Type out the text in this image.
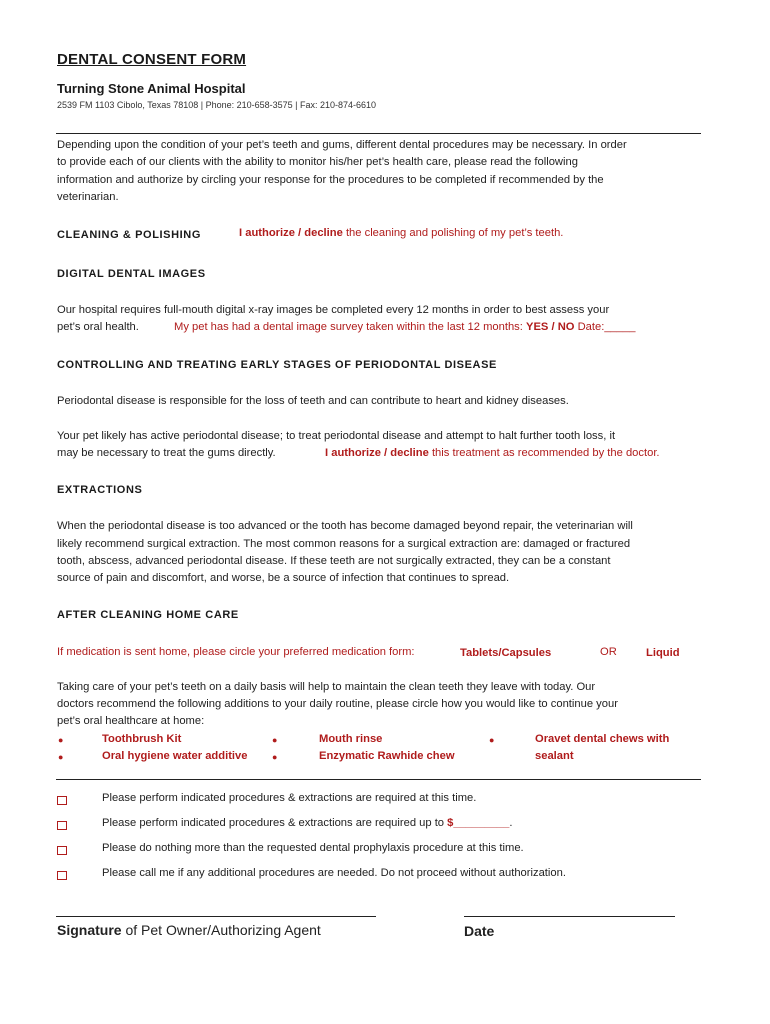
DENTAL CONSENT FORM
Turning Stone Animal Hospital
2539 FM 1103 Cibolo, Texas 78108 | Phone: 210-658-3575 | Fax: 210-874-6610
Depending upon the condition of your pet’s teeth and gums, different dental procedures may be necessary. In order
to provide each of our clients with the ability to monitor his/her pet’s health care, please read the following
information and authorize by circling your response for the procedures to be completed if recommended by the
veterinarian.
CLEANING & POLISHING	I authorize / decline the cleaning and polishing of my pet’s teeth.
DIGITAL DENTAL IMAGES
Our hospital requires full-mouth digital x-ray images be completed every 12 months in order to best assess your
pet’s oral health.	My pet has had a dental image survey taken within the last 12 months: YES / NO Date:_____
CONTROLLING AND TREATING EARLY STAGES OF PERIODONTAL DISEASE
Periodontal disease is responsible for the loss of teeth and can contribute to heart and kidney diseases.
Your pet likely has active periodontal disease; to treat periodontal disease and attempt to halt further tooth loss, it
may be necessary to treat the gums directly.	I authorize / decline this treatment as recommended by the doctor.
EXTRACTIONS
When the periodontal disease is too advanced or the tooth has become damaged beyond repair, the veterinarian will
likely recommend surgical extraction. The most common reasons for a surgical extraction are: damaged or fractured
tooth, abscess, advanced periodontal disease. If these teeth are not surgically extracted, they can be a constant
source of pain and discomfort, and worse, be a source of infection that continues to spread.
AFTER CLEANING HOME CARE
If medication is sent home, please circle your preferred medication form:	Tablets/Capsules	OR	Liquid
Taking care of your pet’s teeth on a daily basis will help to maintain the clean teeth they leave with today. Our
doctors recommend the following additions to your daily routine, please circle how you would like to continue your
pet’s oral healthcare at home:
●	Toothbrush Kit	●	Mouth rinse	●	Oravet dental chews with
●	Oral hygiene water additive	●	Enzymatic Rawhide chew	sealant
Please perform indicated procedures & extractions are required at this time.
Please perform indicated procedures & extractions are required up to $_________.
Please do nothing more than the requested dental prophylaxis procedure at this time.
Please call me if any additional procedures are needed. Do not proceed without authorization.
Signature of Pet Owner/Authorizing Agent	Date
